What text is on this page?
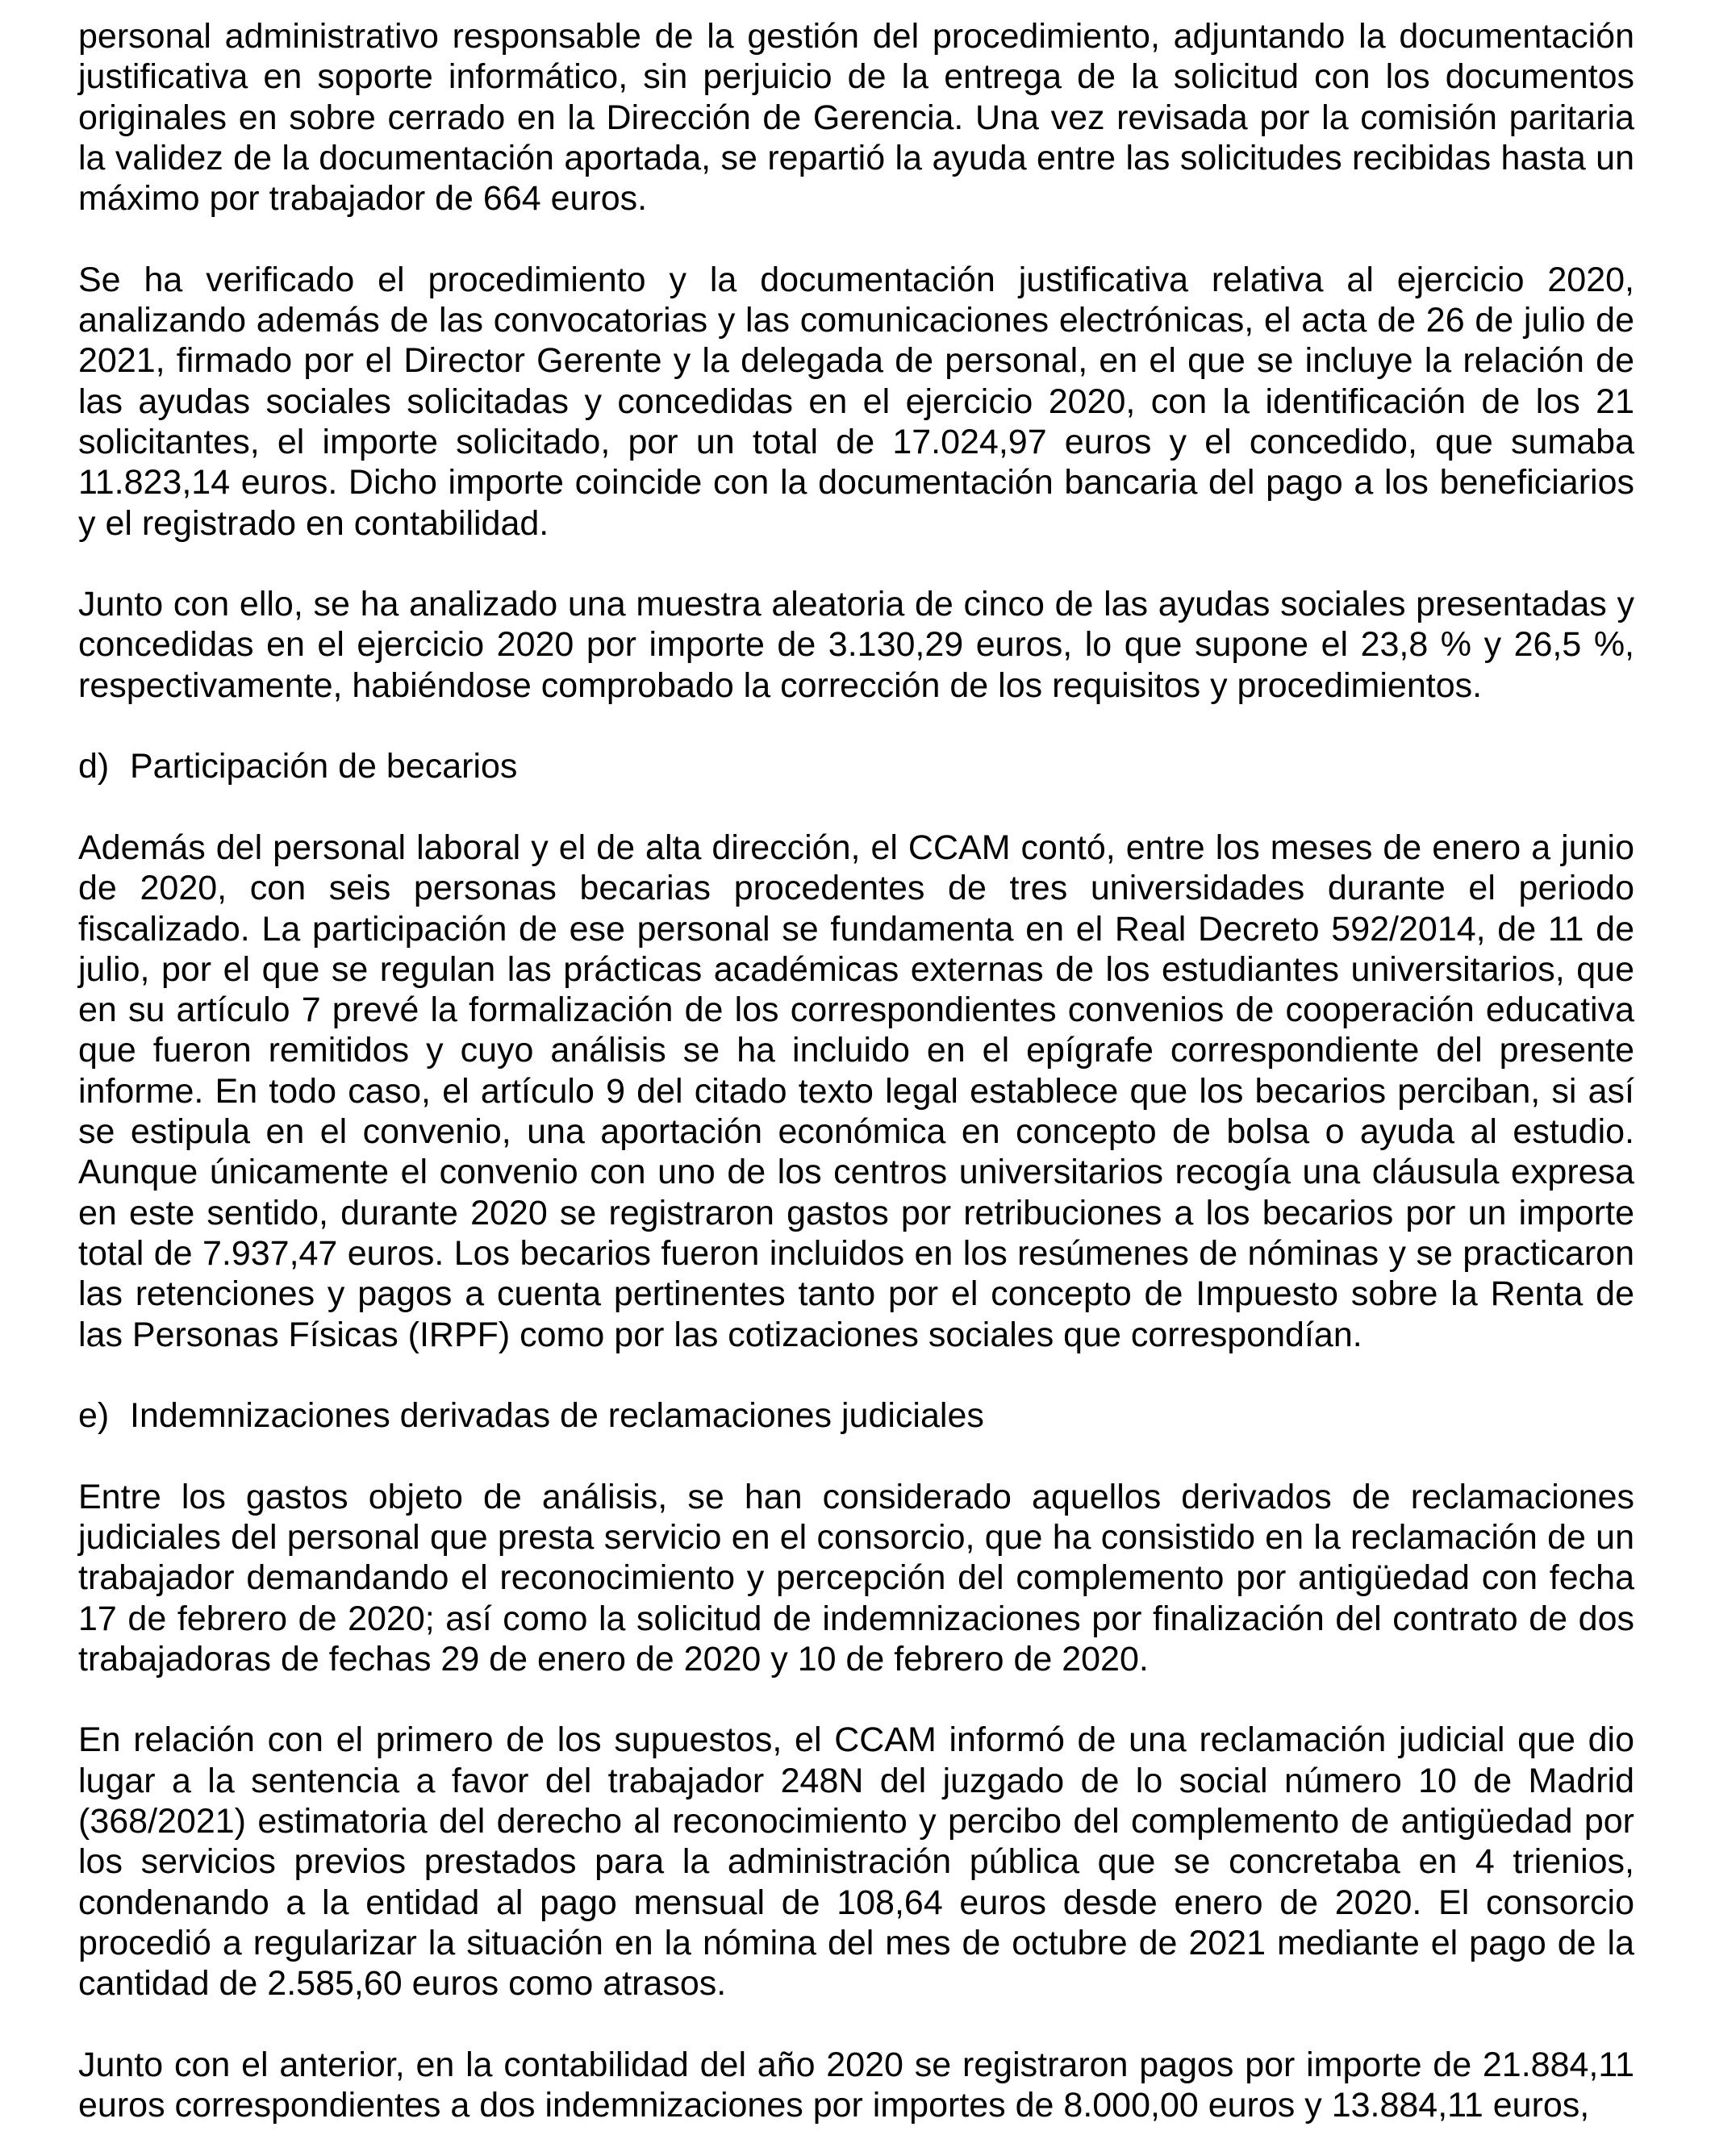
personal administrativo responsable de la gestión del procedimiento, adjuntando la documentación justificativa en soporte informático, sin perjuicio de la entrega de la solicitud con los documentos originales en sobre cerrado en la Dirección de Gerencia. Una vez revisada por la comisión paritaria la validez de la documentación aportada, se repartió la ayuda entre las solicitudes recibidas hasta un máximo por trabajador de 664 euros.

Se ha verificado el procedimiento y la documentación justificativa relativa al ejercicio 2020, analizando además de las convocatorias y las comunicaciones electrónicas, el acta de 26 de julio de 2021, firmado por el Director Gerente y la delegada de personal, en el que se incluye la relación de las ayudas sociales solicitadas y concedidas en el ejercicio 2020, con la identificación de los 21 solicitantes, el importe solicitado, por un total de 17.024,97 euros y el concedido, que sumaba 11.823,14 euros. Dicho importe coincide con la documentación bancaria del pago a los beneficiarios y el registrado en contabilidad.

Junto con ello, se ha analizado una muestra aleatoria de cinco de las ayudas sociales presentadas y concedidas en el ejercicio 2020 por importe de 3.130,29 euros, lo que supone el 23,8 % y 26,5 %, respectivamente, habiéndose comprobado la corrección de los requisitos y procedimientos.

d) Participación de becarios

Además del personal laboral y el de alta dirección, el CCAM contó, entre los meses de enero a junio de 2020, con seis personas becarias procedentes de tres universidades durante el periodo fiscalizado. La participación de ese personal se fundamenta en el Real Decreto 592/2014, de 11 de julio, por el que se regulan las prácticas académicas externas de los estudiantes universitarios, que en su artículo 7 prevé la formalización de los correspondientes convenios de cooperación educativa que fueron remitidos y cuyo análisis se ha incluido en el epígrafe correspondiente del presente informe. En todo caso, el artículo 9 del citado texto legal establece que los becarios perciban, si así se estipula en el convenio, una aportación económica en concepto de bolsa o ayuda al estudio. Aunque únicamente el convenio con uno de los centros universitarios recogía una cláusula expresa en este sentido, durante 2020 se registraron gastos por retribuciones a los becarios por un importe total de 7.937,47 euros. Los becarios fueron incluidos en los resúmenes de nóminas y se practicaron las retenciones y pagos a cuenta pertinentes tanto por el concepto de Impuesto sobre la Renta de las Personas Físicas (IRPF) como por las cotizaciones sociales que correspondían.

e) Indemnizaciones derivadas de reclamaciones judiciales

Entre los gastos objeto de análisis, se han considerado aquellos derivados de reclamaciones judiciales del personal que presta servicio en el consorcio, que ha consistido en la reclamación de un trabajador demandando el reconocimiento y percepción del complemento por antigüedad con fecha 17 de febrero de 2020; así como la solicitud de indemnizaciones por finalización del contrato de dos trabajadoras de fechas 29 de enero de 2020 y 10 de febrero de 2020.

En relación con el primero de los supuestos, el CCAM informó de una reclamación judicial que dio lugar a la sentencia a favor del trabajador 248N del juzgado de lo social número 10 de Madrid (368/2021) estimatoria del derecho al reconocimiento y percibo del complemento de antigüedad por los servicios previos prestados para la administración pública que se concretaba en 4 trienios, condenando a la entidad al pago mensual de 108,64 euros desde enero de 2020. El consorcio procedió a regularizar la situación en la nómina del mes de octubre de 2021 mediante el pago de la cantidad de 2.585,60 euros como atrasos.

Junto con el anterior, en la contabilidad del año 2020 se registraron pagos por importe de 21.884,11 euros correspondientes a dos indemnizaciones por importes de 8.000,00 euros y 13.884,11 euros,
